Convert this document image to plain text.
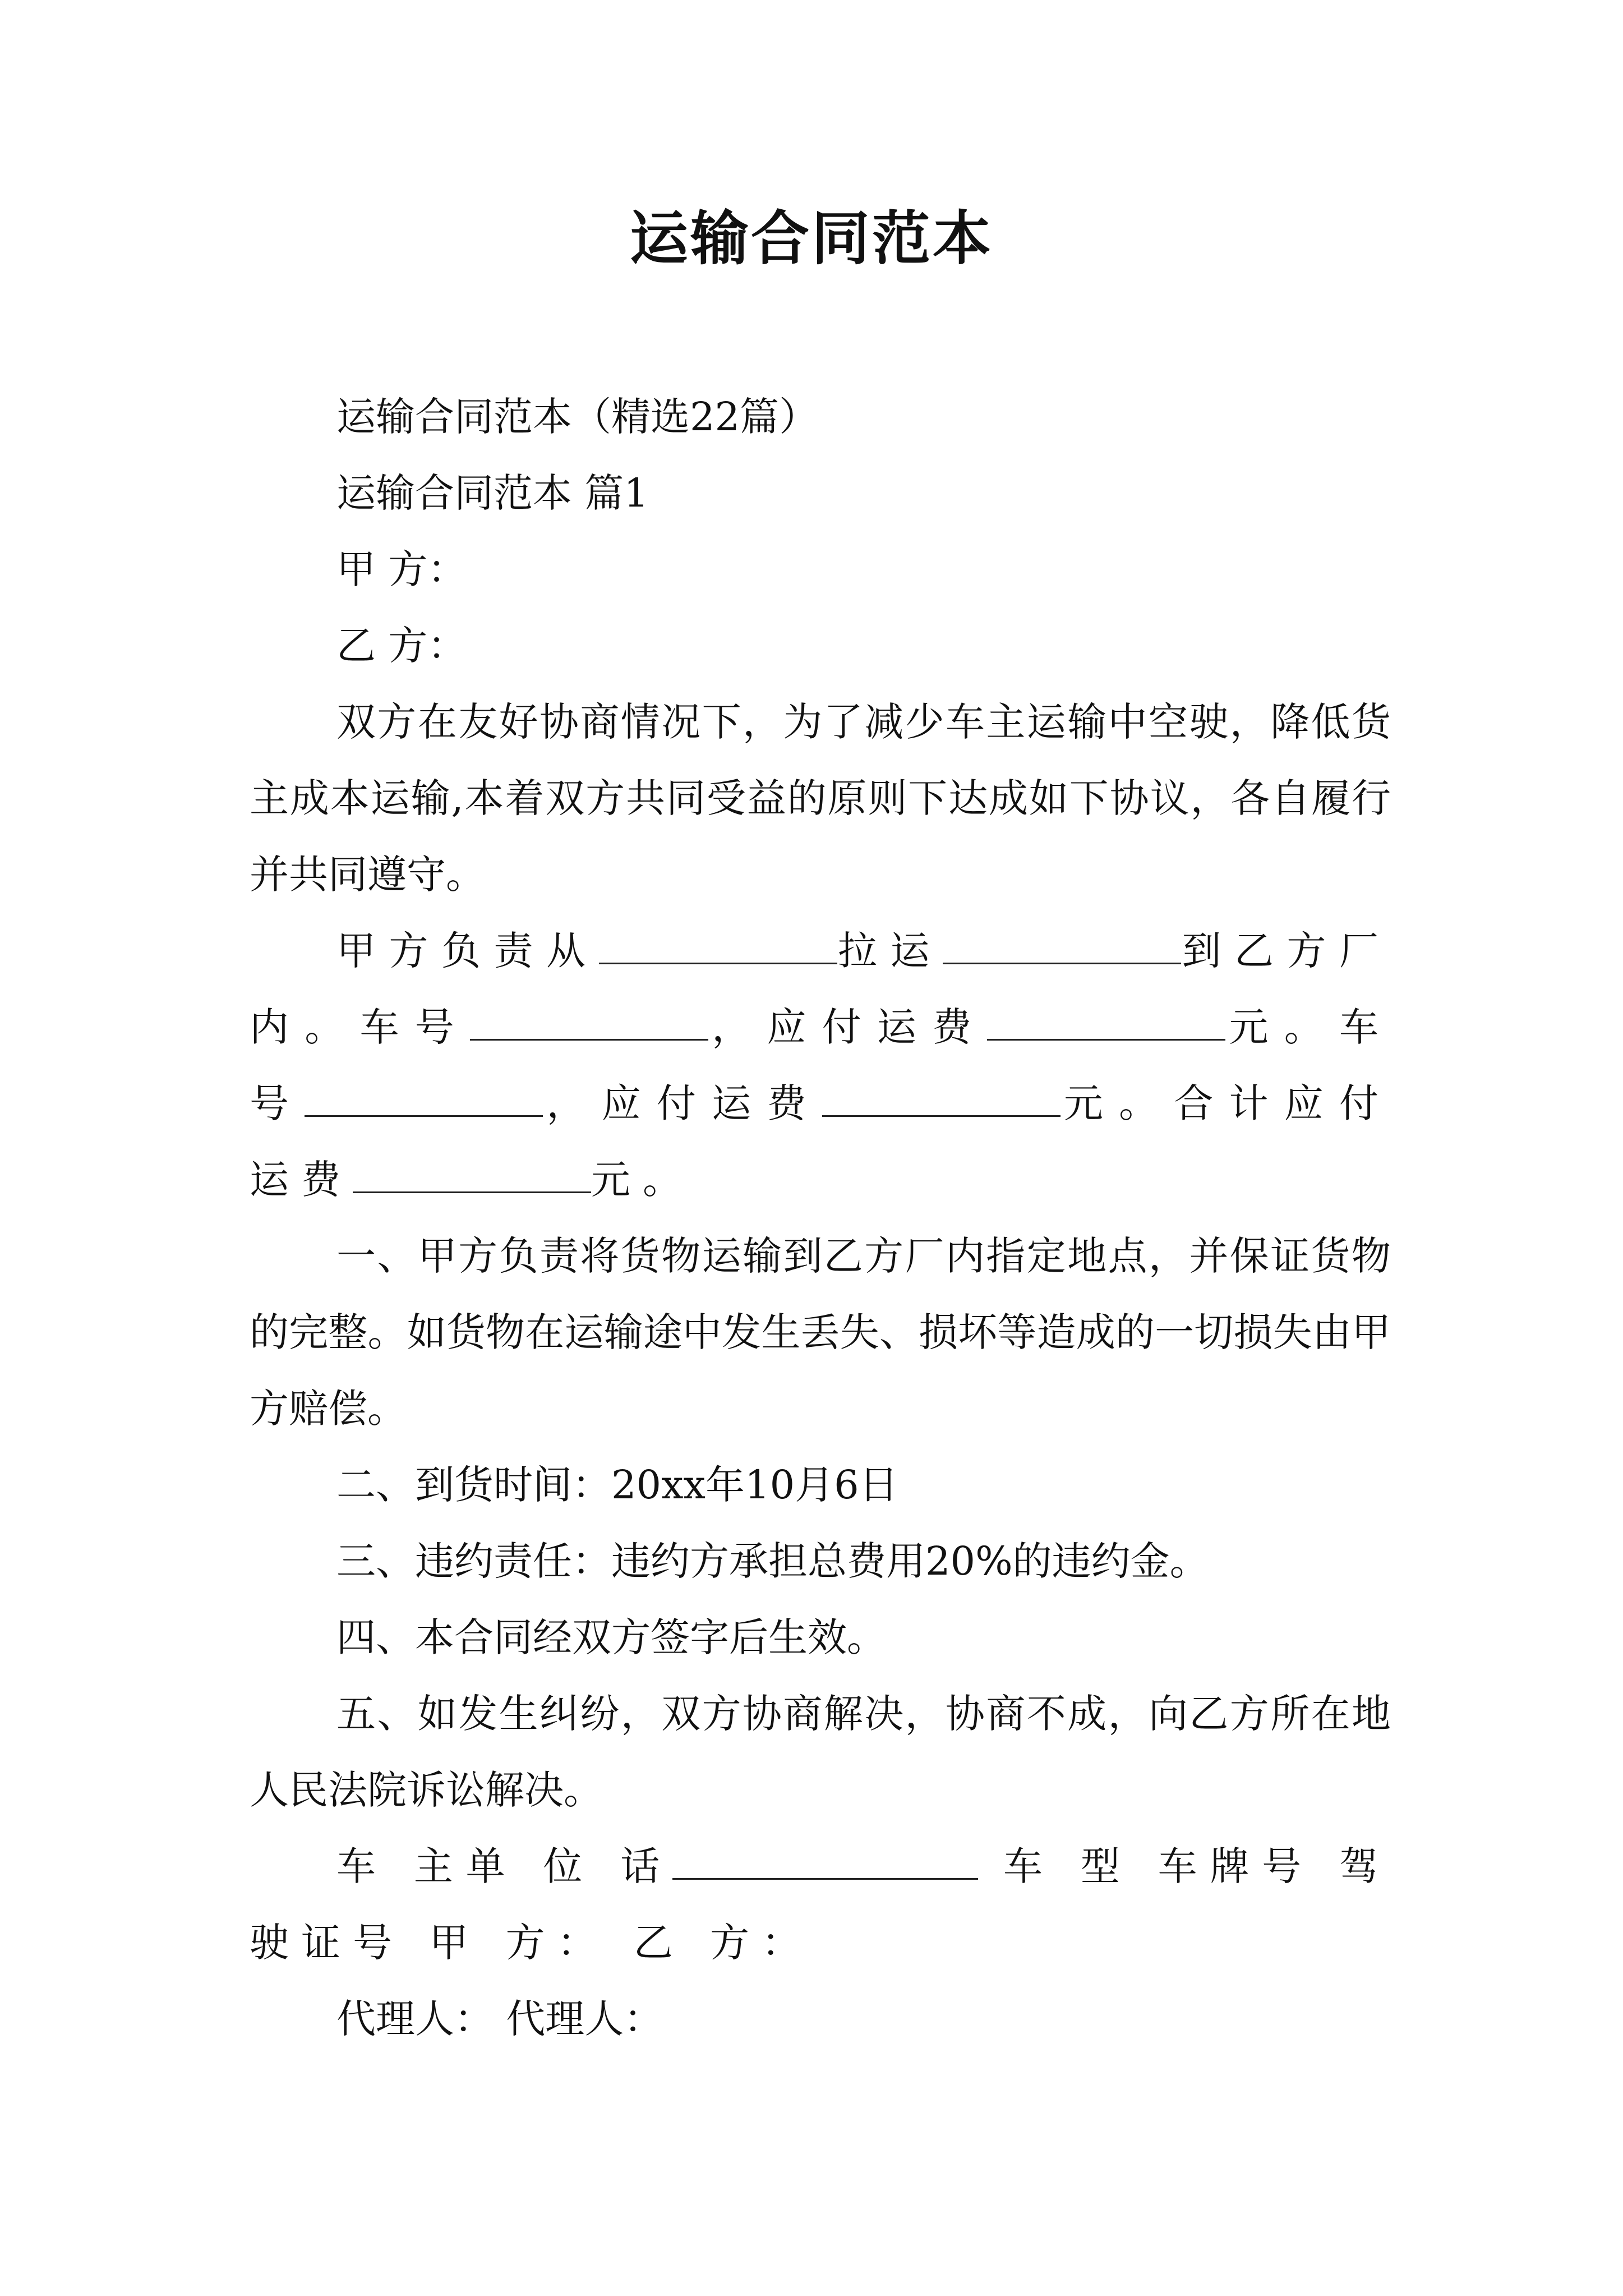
运输合同范本

运输合同范本（精选22篇）

运输合同范本 篇1

甲 方：

乙 方：

双方在友好协商情况下，为了减少车主运输中空驶，降低货主成本运输,本着双方共同受益的原则下达成如下协议，各自履行并共同遵守。

甲方负责从	拉运	到乙方厂内。车号	，应付运费	元。车号	，应付运费	元。合计应付运费	元。

一、甲方负责将货物运输到乙方厂内指定地点，并保证货物的完整。如货物在运输途中发生丢失、损坏等造成的一切损失由甲方赔偿。

二、到货时间：20xx年10月6日

三、违约责任：违约方承担总费用20%的违约金。

四、本合同经双方签字后生效。

五、如发生纠纷，双方协商解决，协商不成，向乙方所在地人民法院诉讼解决。

车 主单 位 话	车 型 车牌号 驾驶证号 甲 方： 乙 方：

代理人： 代理人：
